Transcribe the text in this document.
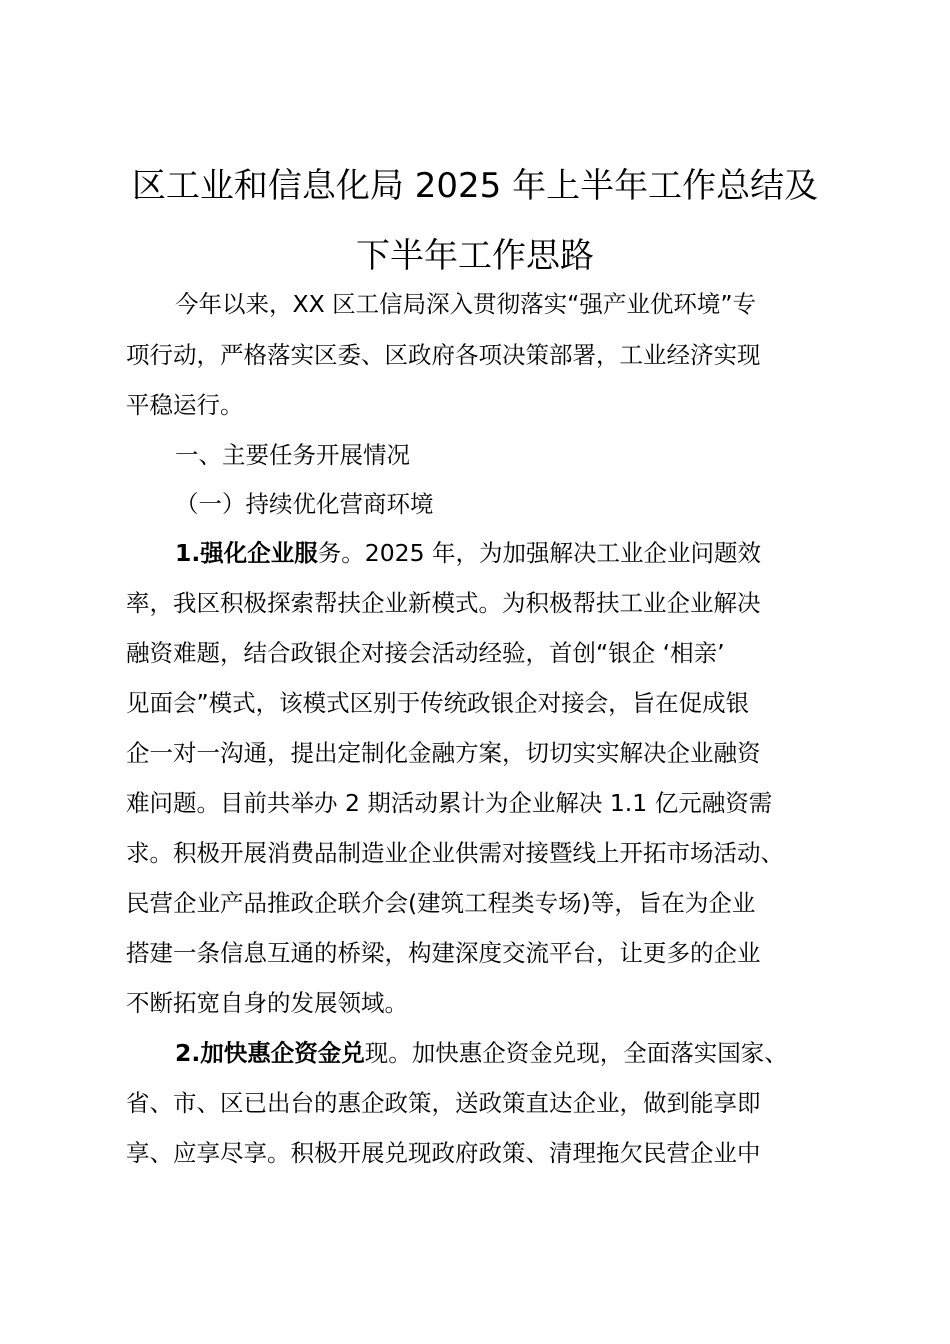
区工业和信息化局 2025 年上半年工作总结及
下半年工作思路

今年以来，XX 区工信局深入贯彻落实“强产业优环境”专

项行动，严格落实区委、区政府各项决策部署，工业经济实现

平稳运行。

一、主要任务开展情况

（一）持续优化营商环境

1.强化企业服务。2025 年，为加强解决工业企业问题效

率，我区积极探索帮扶企业新模式。为积极帮扶工业企业解决

融资难题，结合政银企对接会活动经验，首创“银企 ‘相亲’

见面会”模式，该模式区别于传统政银企对接会，旨在促成银

企一对一沟通，提出定制化金融方案，切切实实解决企业融资

难问题。目前共举办 2 期活动累计为企业解决 1.1 亿元融资需

求。积极开展消费品制造业企业供需对接暨线上开拓市场活动、

民营企业产品推政企联介会(建筑工程类专场)等，旨在为企业

搭建一条信息互通的桥梁，构建深度交流平台，让更多的企业

不断拓宽自身的发展领域。

2.加快惠企资金兑现。加快惠企资金兑现，全面落实国家、

省、市、区已出台的惠企政策，送政策直达企业，做到能享即

享、应享尽享。积极开展兑现政府政策、清理拖欠民营企业中
